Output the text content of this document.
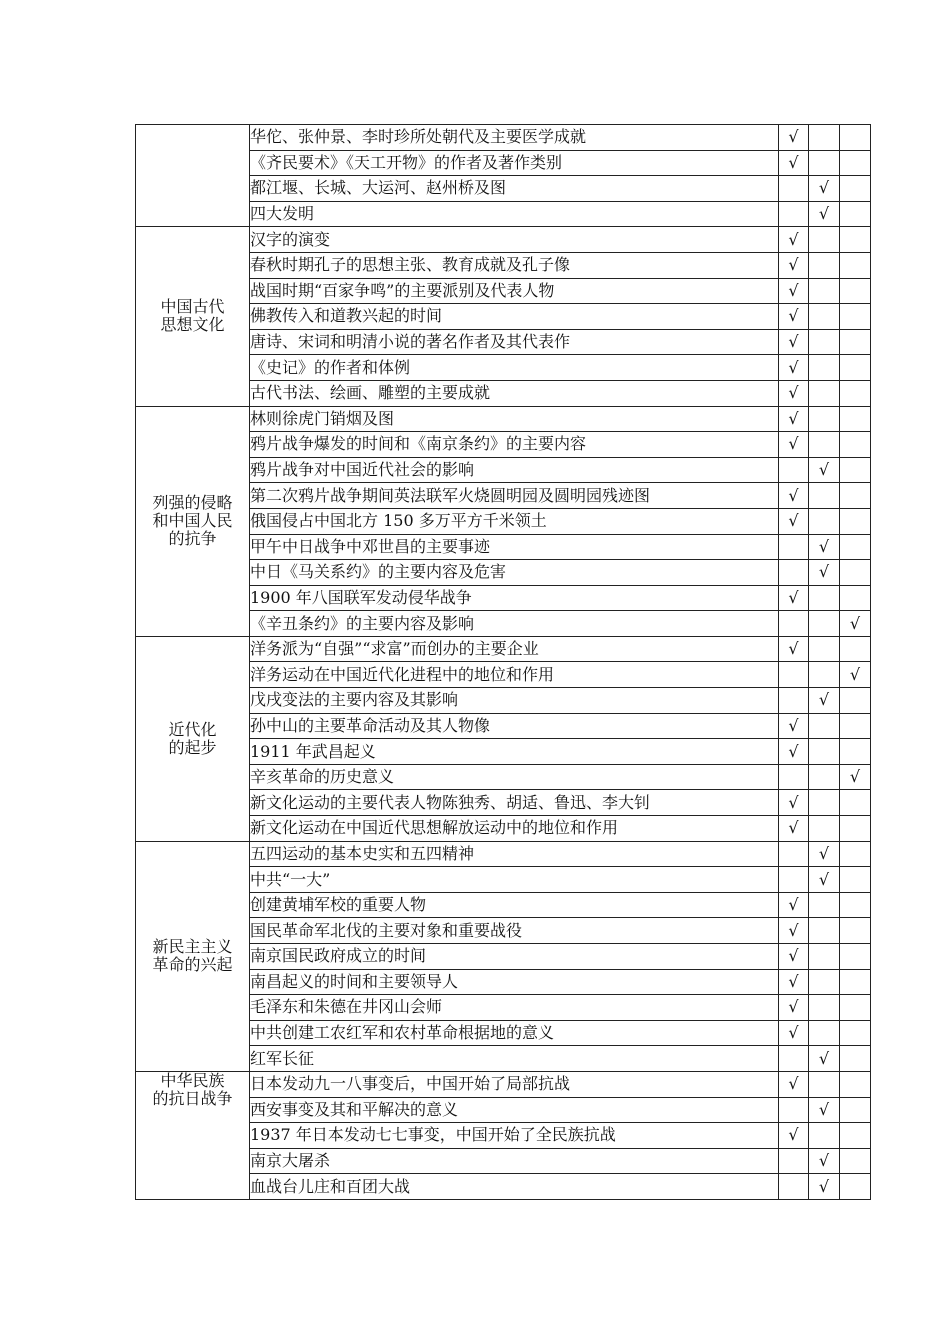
	华佗、张仲景、李时珍所处朝代及主要医学成就	√		
	《齐民要术》《天工开物》的作者及著作类别	√		
	都江堰、长城、大运河、赵州桥及图		√	
	四大发明		√	

中国古代
思想文化	汉字的演变	√		
	春秋时期孔子的思想主张、教育成就及孔子像	√		
	战国时期“百家争鸣”的主要派别及代表人物	√		
	佛教传入和道教兴起的时间	√		
	唐诗、宋词和明清小说的著名作者及其代表作	√		
	《史记》的作者和体例	√		
	古代书法、绘画、雕塑的主要成就	√		

列强的侵略
和中国人民
的抗争	林则徐虎门销烟及图	√		
	鸦片战争爆发的时间和《南京条约》的主要内容	√		
	鸦片战争对中国近代社会的影响		√	
	第二次鸦片战争期间英法联军火烧圆明园及圆明园残迹图	√		
	俄国侵占中国北方 150 多万平方千米领土	√		
	甲午中日战争中邓世昌的主要事迹		√	
	中日《马关系约》的主要内容及危害		√	
	1900 年八国联军发动侵华战争	√		
	《辛丑条约》的主要内容及影响			√

近代化
的起步	洋务派为“自强”“求富”而创办的主要企业	√		
	洋务运动在中国近代化进程中的地位和作用			√
	戊戌变法的主要内容及其影响		√	
	孙中山的主要革命活动及其人物像	√		
	1911 年武昌起义	√		
	辛亥革命的历史意义			√
	新文化运动的主要代表人物陈独秀、胡适、鲁迅、李大钊	√		
	新文化运动在中国近代思想解放运动中的地位和作用	√		

新民主主义
革命的兴起	五四运动的基本史实和五四精神		√	
	中共“一大”		√	
	创建黄埔军校的重要人物	√		
	国民革命军北伐的主要对象和重要战役	√		
	南京国民政府成立的时间	√		
	南昌起义的时间和主要领导人	√		
	毛泽东和朱德在井冈山会师	√		
	中共创建工农红军和农村革命根据地的意义	√		
	红军长征		√	

中华民族
的抗日战争	日本发动九一八事变后，中国开始了局部抗战	√		
	西安事变及其和平解决的意义		√	
	1937 年日本发动七七事变，中国开始了全民族抗战	√		
	南京大屠杀		√	
	血战台儿庄和百团大战		√	
